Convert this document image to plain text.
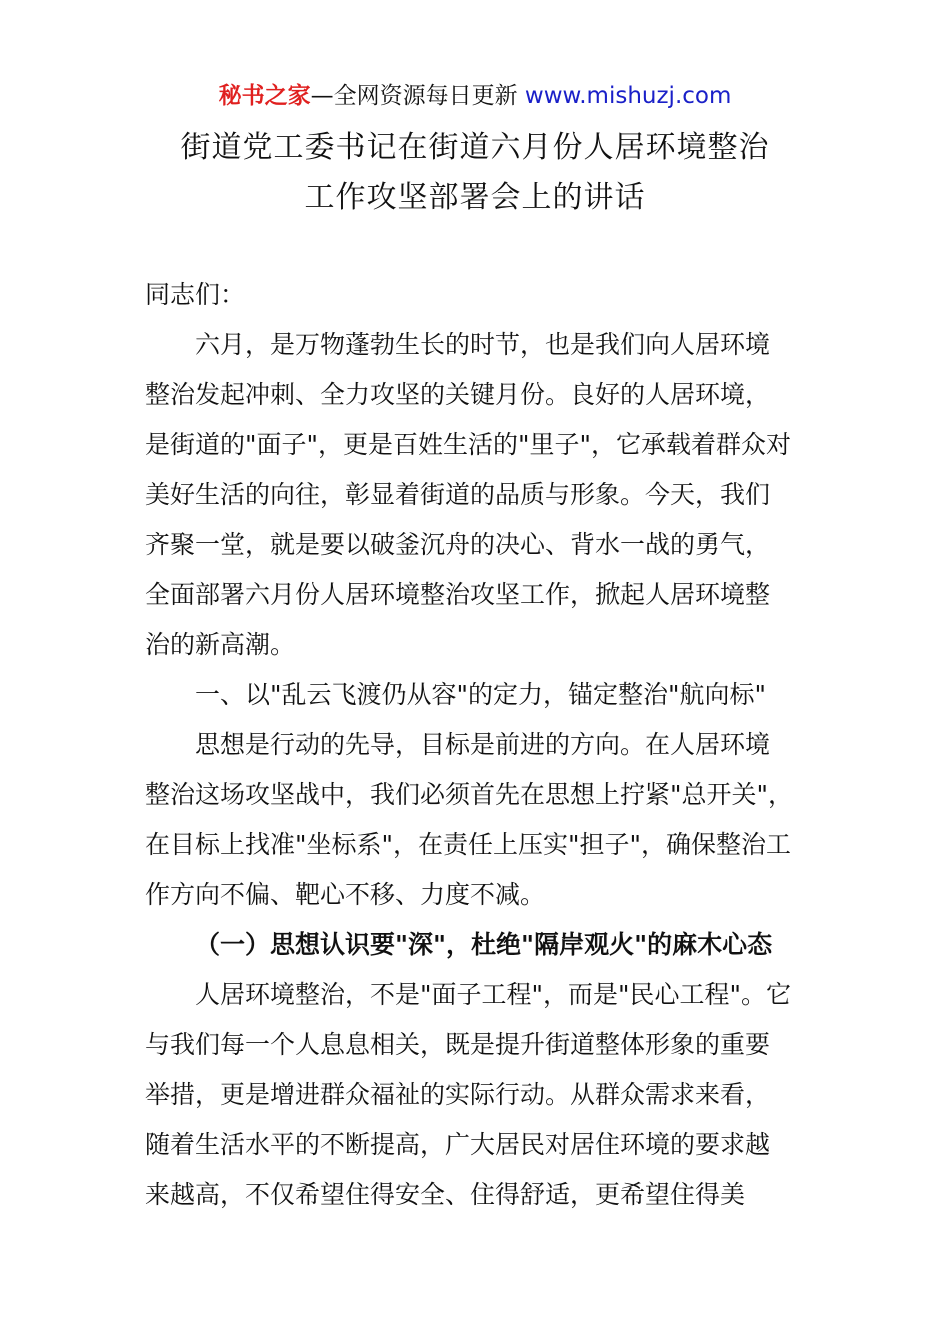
秘书之家—全网资源每日更新 www.mishuzj.com
街道党工委书记在街道六月份人居环境整治
工作攻坚部署会上的讲话
同志们：
六月，是万物蓬勃生长的时节，也是我们向人居环境
整治发起冲刺、全力攻坚的关键月份。良好的人居环境，
是街道的"面子"，更是百姓生活的"里子"，它承载着群众对
美好生活的向往，彰显着街道的品质与形象。今天，我们
齐聚一堂，就是要以破釜沉舟的决心、背水一战的勇气，
全面部署六月份人居环境整治攻坚工作，掀起人居环境整
治的新高潮。
一、以"乱云飞渡仍从容"的定力，锚定整治"航向标"
思想是行动的先导，目标是前进的方向。在人居环境
整治这场攻坚战中，我们必须首先在思想上拧紧"总开关"，
在目标上找准"坐标系"，在责任上压实"担子"，确保整治工
作方向不偏、靶心不移、力度不减。
（一）思想认识要"深"，杜绝"隔岸观火"的麻木心态
人居环境整治，不是"面子工程"，而是"民心工程"。它
与我们每一个人息息相关，既是提升街道整体形象的重要
举措，更是增进群众福祉的实际行动。从群众需求来看，
随着生活水平的不断提高，广大居民对居住环境的要求越
来越高，不仅希望住得安全、住得舒适，更希望住得美
